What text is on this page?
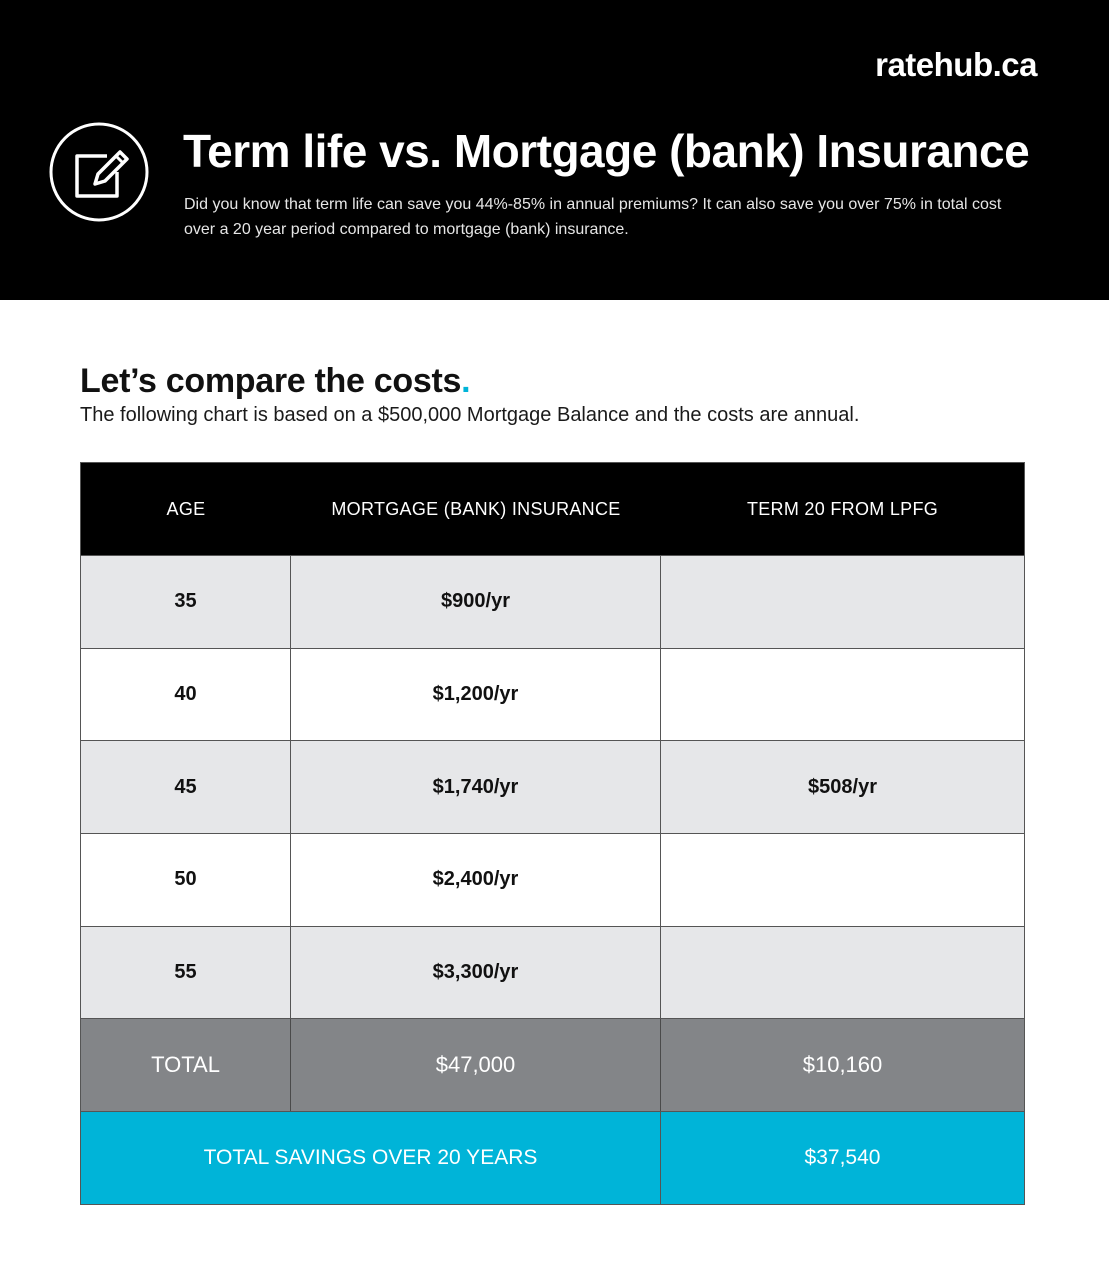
ratehub.ca
Term life vs. Mortgage (bank) Insurance

Did you know that term life can save you 44%-85% in annual premiums? It can also save you over 75% in total cost over a 20 year period compared to mortgage (bank) insurance.

Let’s compare the costs.

The following chart is based on a $500,000 Mortgage Balance and the costs are annual.

AGE	MORTGAGE (BANK) INSURANCE	TERM 20 FROM LPFG
35	$900/yr
40	$1,200/yr
45	$1,740/yr	$508/yr
50	$2,400/yr
55	$3,300/yr
TOTAL	$47,000	$10,160
TOTAL SAVINGS OVER 20 YEARS	$37,540
